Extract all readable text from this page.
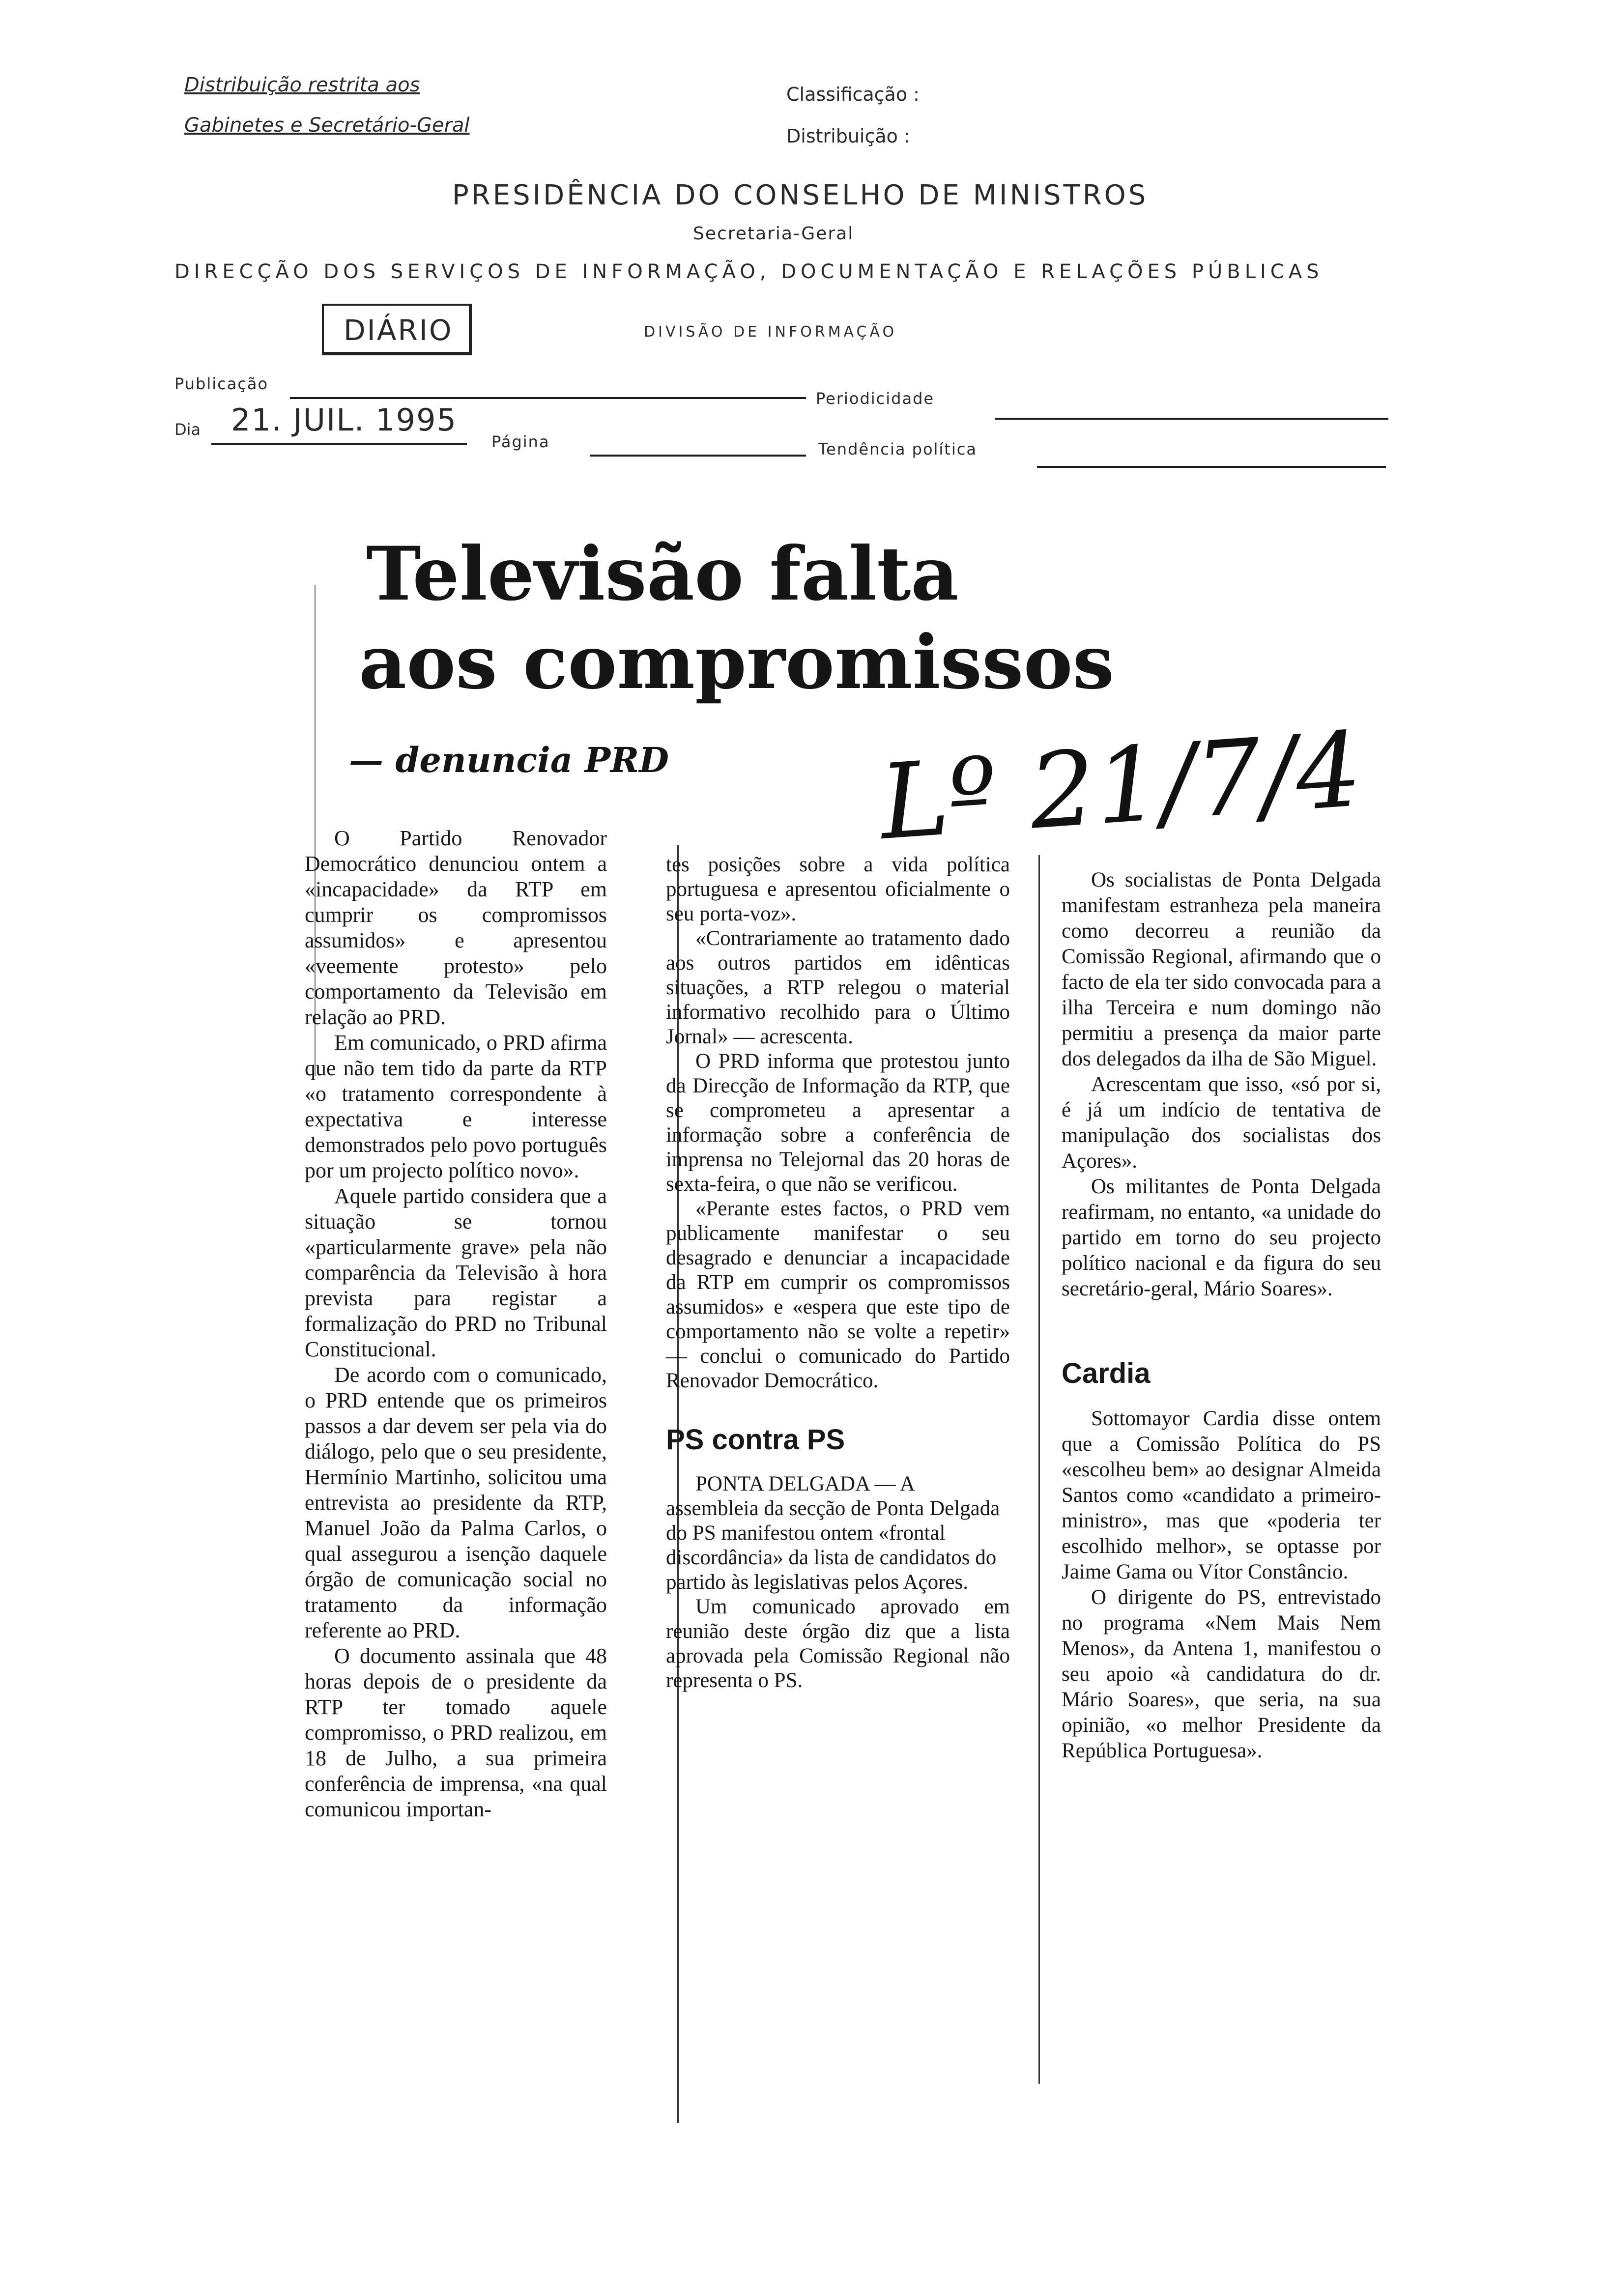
Distribuição restrita aos
Gabinetes e Secretário-Geral
Classificação :
Distribuição :
PRESIDÊNCIA DO CONSELHO DE MINISTROS
Secretaria-Geral
DIRECÇÃO DOS SERVIÇOS DE INFORMAÇÃO, DOCUMENTAÇÃO E RELAÇÕES PÚBLICAS
DIÁRIO	DIVISÃO DE INFORMAÇÃO
Publicação
Periodicidade
Dia 21. JUIL. 1995
Página	Tendência política
Televisão falta
aos compromissos
— denuncia PRD Lº 21/7/4

O Partido Renovador Democrático denunciou ontem a «incapacidade» da RTP em cumprir os compromissos assumidos» e apresentou «veemente protesto» pelo comportamento da Televisão em relação ao PRD.

Em comunicado, o PRD afirma que não tem tido da parte da RTP «o tratamento correspondente à expectativa e interesse demonstrados pelo povo português por um projecto político novo».

Aquele partido considera que a situação se tornou «particularmente grave» pela não comparência da Televisão à hora prevista para registar a formalização do PRD no Tribunal Constitucional.

De acordo com o comunicado, o PRD entende que os primeiros passos a dar devem ser pela via do diálogo, pelo que o seu presidente, Hermínio Martinho, solicitou uma entrevista ao presidente da RTP, Manuel João da Palma Carlos, o qual assegurou a isenção daquele órgão de comunicação social no tratamento da informação referente ao PRD.

O documento assinala que 48 horas depois de o presidente da RTP ter tomado aquele compromisso, o PRD realizou, em 18 de Julho, a sua primeira conferência de imprensa, «na qual comunicou importan-

tes posições sobre a vida política portuguesa e apresentou oficialmente o seu porta-voz».

«Contrariamente ao tratamento dado aos outros partidos em idênticas situações, a RTP relegou o material informativo recolhido para o Último Jornal» — acrescenta.

O PRD informa que protestou junto da Direcção de Informação da RTP, que se comprometeu a apresentar a informação sobre a conferência de imprensa no Telejornal das 20 horas de sexta-feira, o que não se verificou.

«Perante estes factos, o PRD vem publicamente manifestar o seu desagrado e denunciar a incapacidade da RTP em cumprir os compromissos assumidos» e «espera que este tipo de comportamento não se volte a repetir» — conclui o comunicado do Partido Renovador Democrático.

PS contra PS

PONTA DELGADA — A assembleia da secção de Ponta Delgada do PS manifestou ontem «frontal discordância» da lista de candidatos do partido às legislativas pelos Açores.

Um comunicado aprovado em reunião deste órgão diz que a lista aprovada pela Comissão Regional não representa o PS.

Os socialistas de Ponta Delgada manifestam estranheza pela maneira como decorreu a reunião da Comissão Regional, afirmando que o facto de ela ter sido convocada para a ilha Terceira e num domingo não permitiu a presença da maior parte dos delegados da ilha de São Miguel.

Acrescentam que isso, «só por si, é já um indício de tentativa de manipulação dos socialistas dos Açores».

Os militantes de Ponta Delgada reafirmam, no entanto, «a unidade do partido em torno do seu projecto político nacional e da figura do seu secretário-geral, Mário Soares».

Cardia

Sottomayor Cardia disse ontem que a Comissão Política do PS «escolheu bem» ao designar Almeida Santos como «candidato a primeiro-ministro», mas que «poderia ter escolhido melhor», se optasse por Jaime Gama ou Vítor Constâncio.

O dirigente do PS, entrevistado no programa «Nem Mais Nem Menos», da Antena 1, manifestou o seu apoio «à candidatura do dr. Mário Soares», que seria, na sua opinião, «o melhor Presidente da República Portuguesa».
